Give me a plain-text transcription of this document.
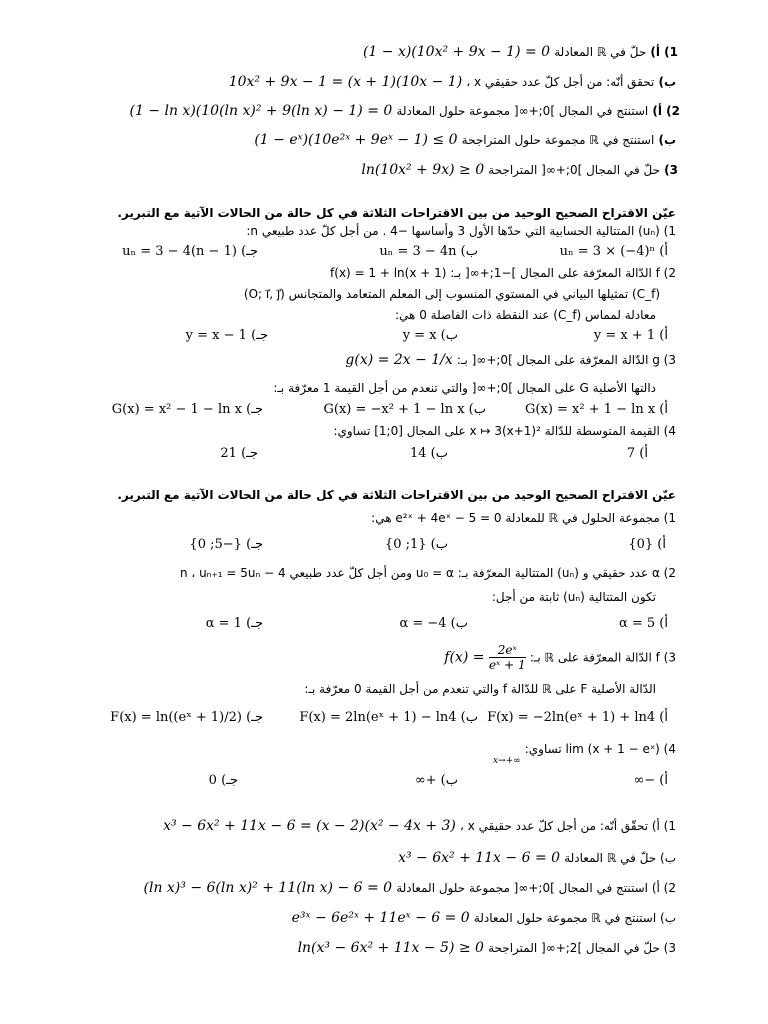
1) أ) حلّ في ℝ المعادلة (1 − x)(10x² + 9x − 1) = 0
ب) تحقق أنّه: من أجل كلّ عدد حقيقي x ، 10x² + 9x − 1 = (x + 1)(10x − 1)
2) أ) استنتج في المجال ]0;+∞[ مجموعة حلول المعادلة (1 − ln x)(10(ln x)² + 9(ln x) − 1) = 0
ب) استنتج في ℝ مجموعة حلول المتراجحة (1 − eˣ)(10e²ˣ + 9eˣ − 1) ≤ 0
3) حلّ في المجال ]0;+∞[ المتراجحة ln(10x² + 9x) ≥ 0
عيّن الاقتراح الصحيح الوحيد من بين الاقتراحات الثلاثة في كل حالة من الحالات الآتية مع التبرير.
1) (uₙ) المتتالية الحسابية التي حدّها الأول 3 وأساسها −4 . من أجل كلّ عدد طبيعي n:
أ) uₙ = 3 × (−4)ⁿ
ب) uₙ = 3 − 4n
جـ) uₙ = 3 − 4(n − 1)
2) f الدّالة المعرّفة على المجال ]−1;+∞[ بـ: f(x) = 1 + ln(x + 1)
(C_f) تمثيلها البياني في المستوي المنسوب إلى المعلم المتعامد والمتجانس (O; i⃗, j⃗)
معادلة لمماس (C_f) عند النقطة ذات الفاصلة 0 هي:
أ) y = x + 1
ب) y = x
جـ) y = x − 1
3) g الدّالة المعرّفة على المجال ]0;+∞[ بـ: g(x) = 2x − 1/x
دالتها الأصلية G على المجال ]0;+∞[ والتي تنعدم من أجل القيمة 1 معرّفة بـ:
أ) G(x) = x² + 1 − ln x
ب) G(x) = −x² + 1 − ln x
جـ) G(x) = x² − 1 − ln x
4) القيمة المتوسطة للدّالة x ↦ 3(x+1)² على المجال [0;1] تساوي:
أ) 7
ب) 14
جـ) 21
عيّن الاقتراح الصحيح الوحيد من بين الاقتراحات الثلاثة في كل حالة من الحالات الآتية مع التبرير.
1) مجموعة الحلول في ℝ للمعادلة e²ˣ + 4eˣ − 5 = 0 هي:
أ) {0}
ب) {1; 0}
جـ) {−5; 0}
2) α عدد حقيقي و (uₙ) المتتالية المعرّفة بـ: u₀ = α ومن أجل كلّ عدد طبيعي n ، uₙ₊₁ = 5uₙ − 4
تكون المتتالية (uₙ) ثابتة من أجل:
أ) α = 5
ب) α = −4
جـ) α = 1
3) f الدّالة المعرّفة على ℝ بـ: $f(x) = \frac{\text{2eˣ}}{\text{eˣ + 1}}$
الدّالة الأصلية F على ℝ للدّالة f والتي تنعدم من أجل القيمة 0 معرّفة بـ:
أ) F(x) = −2ln(eˣ + 1) + ln4
ب) F(x) = 2ln(eˣ + 1) − ln4
جـ) F(x) = ln((eˣ + 1)/2)
4) lim (x + 1 − eˣ) تساوي: x→+∞
أ) −∞
ب) +∞
جـ) 0
1) أ) تحقّق أنّه: من أجل كلّ عدد حقيقي x ، x³ − 6x² + 11x − 6 = (x − 2)(x² − 4x + 3)
ب) حلّ في ℝ المعادلة x³ − 6x² + 11x − 6 = 0
2) أ) استنتج في المجال ]0;+∞[ مجموعة حلول المعادلة (ln x)³ − 6(ln x)² + 11(ln x) − 6 = 0
ب) استنتج في ℝ مجموعة حلول المعادلة e³ˣ − 6e²ˣ + 11eˣ − 6 = 0
3) حلّ في المجال ]2;+∞[ المتراجحة ln(x³ − 6x² + 11x − 5) ≥ 0
